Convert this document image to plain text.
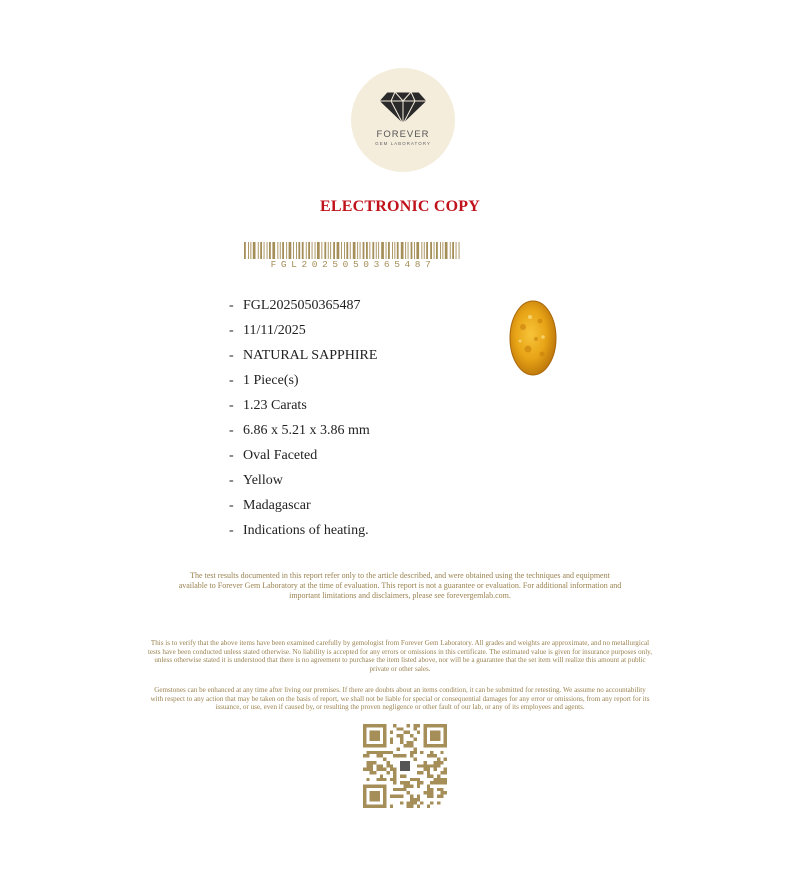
FOREVER
GEM LABORATORY
ELECTRONIC COPY
FGL2025050365487
- FGL2025050365487
- 11/11/2025
- NATURAL SAPPHIRE
- 1 Piece(s)
- 1.23 Carats
- 6.86 x 5.21 x 3.86 mm
- Oval Faceted
- Yellow
- Madagascar
- Indications of heating.
The test results documented in this report refer only to the article described, and were obtained using the techniques and equipment
available to Forever Gem Laboratory at the time of evaluation. This report is not a guarantee or evaluation. For additional information and
important limitations and disclaimers, please see forevergemlab.com.
This is to verify that the above items have been examined carefully by gemologist from Forever Gem Laboratory. All grades and weights are approximate, and no metallurgical
tests have been conducted unless stated otherwise. No liability is accepted for any errors or omissions in this certificate. The estimated value is given for insurance purposes only,
unless otherwise stated it is understood that there is no agreement to purchase the item listed above, nor will be a guarantee that the set item will realize this amount at public
private or other sales.
Gemstones can be enhanced at any time after living our premises. If there are doubts about an items condition, it can be submitted for retesting. We assume no accountability
with respect to any action that may be taken on the basis of report, we shall not be liable for special or consequential damages for any error or omissions, from any report for its
issuance, or use, even if caused by, or resulting the proven negligence or other fault of our lab, or any of its employees and agents.
